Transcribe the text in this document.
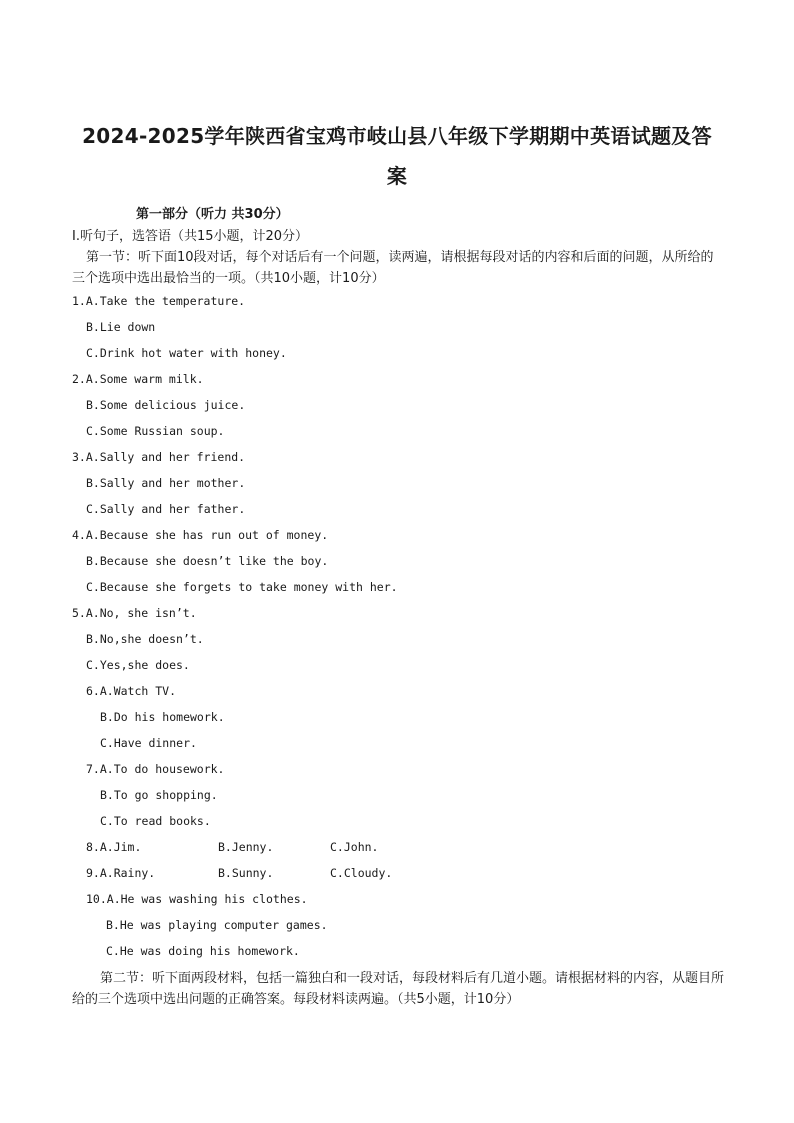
2024-2025学年陕西省宝鸡市岐山县八年级下学期期中英语试题及答
案
第一部分（听力 共30分）
I.听句子，选答语（共15小题，计20分）
第一节：听下面10段对话，每个对话后有一个问题，读两遍，请根据每段对话的内容和后面的问题，从所给的三个选项中选出最恰当的一项。（共10小题，计10分）
1.A.Take the temperature.
B.Lie down
C.Drink hot water with honey.
2.A.Some warm milk.
B.Some delicious juice.
C.Some Russian soup.
3.A.Sally and her friend.
B.Sally and her mother.
C.Sally and her father.
4.A.Because she has run out of money.
B.Because she doesn’t like the boy.
C.Because she forgets to take money with her.
5.A.No, she isn’t.
B.No,she doesn’t.
C.Yes,she does.
6.A.Watch TV.
B.Do his homework.
C.Have dinner.
7.A.To do housework.
B.To go shopping.
C.To read books.
8.A.Jim.	B.Jenny.	C.John.
9.A.Rainy.	B.Sunny.	C.Cloudy.
10.A.He was washing his clothes.
B.He was playing computer games.
C.He was doing his homework.
第二节：听下面两段材料，包括一篇独白和一段对话，每段材料后有几道小题。请根据材料的内容，从题目所给的三个选项中选出问题的正确答案。每段材料读两遍。（共5小题，计10分）
